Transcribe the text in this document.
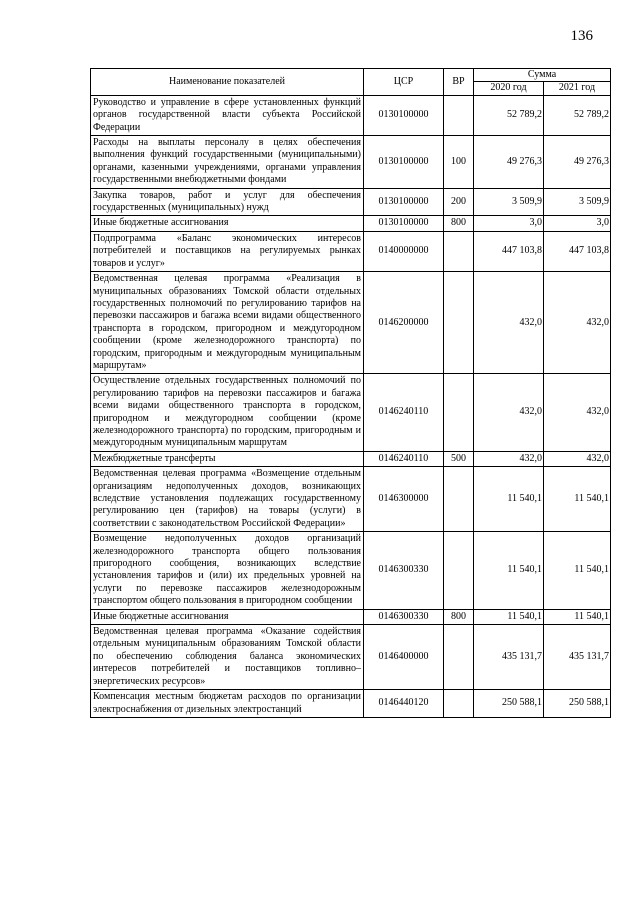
136
Наименование показателей	ЦСР	ВР	Сумма	
			2020 год	2021 год
Руководство и управление в сфере установленных функций органов государственной власти субъекта Российской Федерации	0130100000		52 789,2	52 789,2
Расходы на выплаты персоналу в целях обеспечения выполнения функций государственными (муниципальными) органами, казенными учреждениями, органами управления государственными внебюджетными фондами	0130100000	100	49 276,3	49 276,3
Закупка товаров, работ и услуг для обеспечения государственных (муниципальных) нужд	0130100000	200	3 509,9	3 509,9
Иные бюджетные ассигнования	0130100000	800	3,0	3,0
Подпрограмма «Баланс экономических интересов потребителей и поставщиков на регулируемых рынках товаров и услуг»	0140000000		447 103,8	447 103,8
Ведомственная целевая программа «Реализация в муниципальных образованиях Томской области отдельных государственных полномочий по регулированию тарифов на перевозки пассажиров и багажа всеми видами общественного транспорта в городском, пригородном и междугородном сообщении (кроме железнодорожного транспорта) по городским, пригородным и междугородным муниципальным маршрутам»	0146200000		432,0	432,0
Осуществление отдельных государственных полномочий по регулированию тарифов на перевозки пассажиров и багажа всеми видами общественного транспорта в городском, пригородном и междугородном сообщении (кроме железнодорожного транспорта) по городским, пригородным и междугородным муниципальным маршрутам	0146240110		432,0	432,0
Межбюджетные трансферты	0146240110	500	432,0	432,0
Ведомственная целевая программа «Возмещение отдельным организациям недополученных доходов, возникающих вследствие установления подлежащих государственному регулированию цен (тарифов) на товары (услуги) в соответствии с законодательством Российской Федерации»	0146300000		11 540,1	11 540,1
Возмещение недополученных доходов организаций железнодорожного транспорта общего пользования пригородного сообщения, возникающих вследствие установления тарифов и (или) их предельных уровней на услуги по перевозке пассажиров железнодорожным транспортом общего пользования в пригородном сообщении	0146300330		11 540,1	11 540,1
Иные бюджетные ассигнования	0146300330	800	11 540,1	11 540,1
Ведомственная целевая программа «Оказание содействия отдельным муниципальным образованиям Томской области по обеспечению соблюдения баланса экономических интересов потребителей и поставщиков топливно–энергетических ресурсов»	0146400000		435 131,7	435 131,7
Компенсация местным бюджетам расходов по организации электроснабжения от дизельных электростанций	0146440120		250 588,1	250 588,1
